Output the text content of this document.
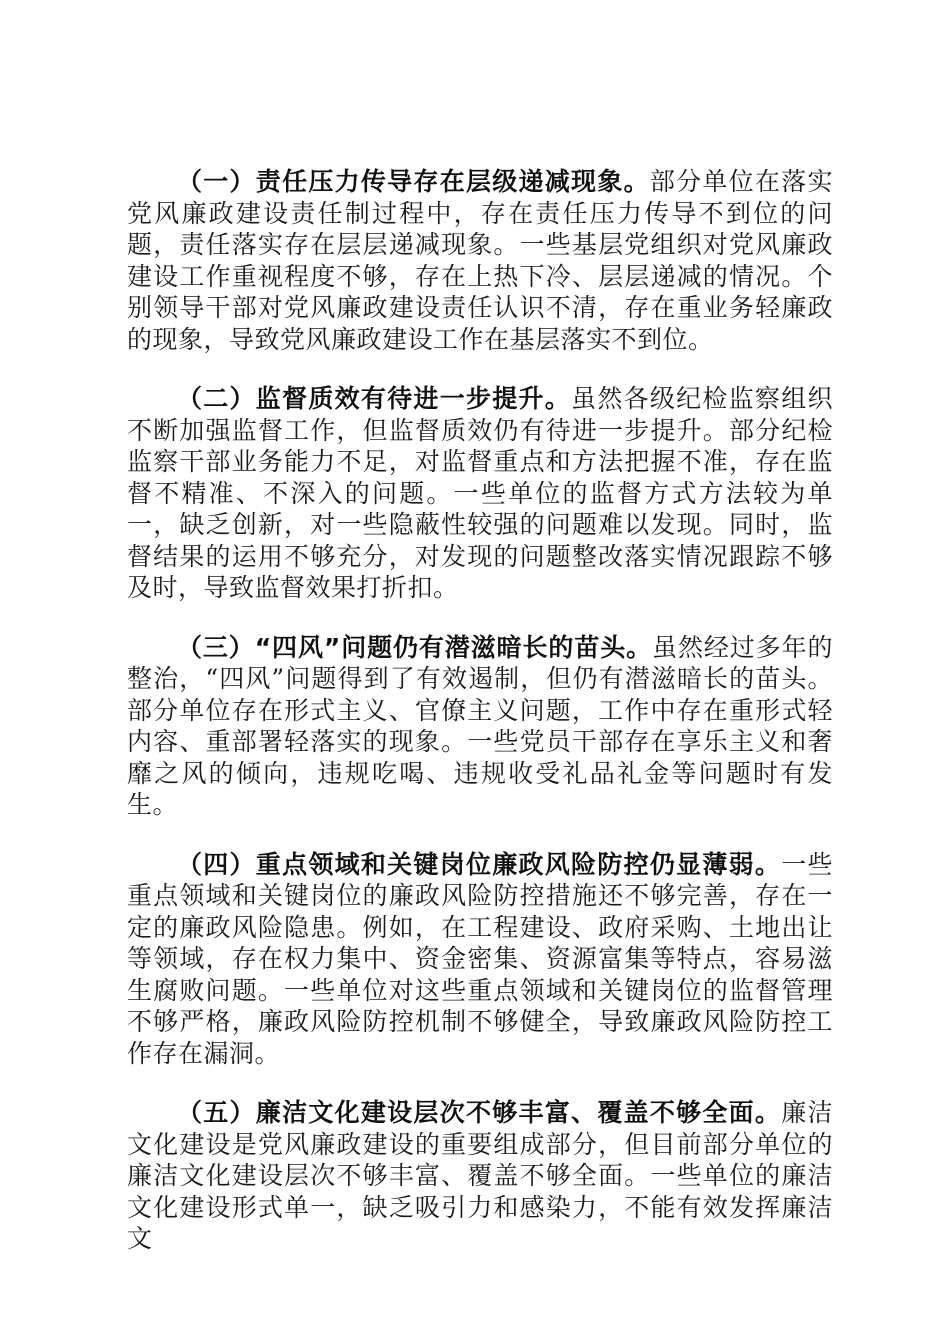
（一）责任压力传导存在层级递减现象。部分单位在落实党风廉政建设责任制过程中，存在责任压力传导不到位的问题，责任落实存在层层递减现象。一些基层党组织对党风廉政建设工作重视程度不够，存在上热下冷、层层递减的情况。个别领导干部对党风廉政建设责任认识不清，存在重业务轻廉政的现象，导致党风廉政建设工作在基层落实不到位。

（二）监督质效有待进一步提升。虽然各级纪检监察组织不断加强监督工作，但监督质效仍有待进一步提升。部分纪检监察干部业务能力不足，对监督重点和方法把握不准，存在监督不精准、不深入的问题。一些单位的监督方式方法较为单一，缺乏创新，对一些隐蔽性较强的问题难以发现。同时，监督结果的运用不够充分，对发现的问题整改落实情况跟踪不够及时，导致监督效果打折扣。

（三）“四风”问题仍有潜滋暗长的苗头。虽然经过多年的整治，“四风”问题得到了有效遏制，但仍有潜滋暗长的苗头。部分单位存在形式主义、官僚主义问题，工作中存在重形式轻内容、重部署轻落实的现象。一些党员干部存在享乐主义和奢靡之风的倾向，违规吃喝、违规收受礼品礼金等问题时有发生。

（四）重点领域和关键岗位廉政风险防控仍显薄弱。一些重点领域和关键岗位的廉政风险防控措施还不够完善，存在一定的廉政风险隐患。例如，在工程建设、政府采购、土地出让等领域，存在权力集中、资金密集、资源富集等特点，容易滋生腐败问题。一些单位对这些重点领域和关键岗位的监督管理不够严格，廉政风险防控机制不够健全，导致廉政风险防控工作存在漏洞。

（五）廉洁文化建设层次不够丰富、覆盖不够全面。廉洁文化建设是党风廉政建设的重要组成部分，但目前部分单位的廉洁文化建设层次不够丰富、覆盖不够全面。一些单位的廉洁文化建设形式单一，缺乏吸引力和感染力，不能有效发挥廉洁文
